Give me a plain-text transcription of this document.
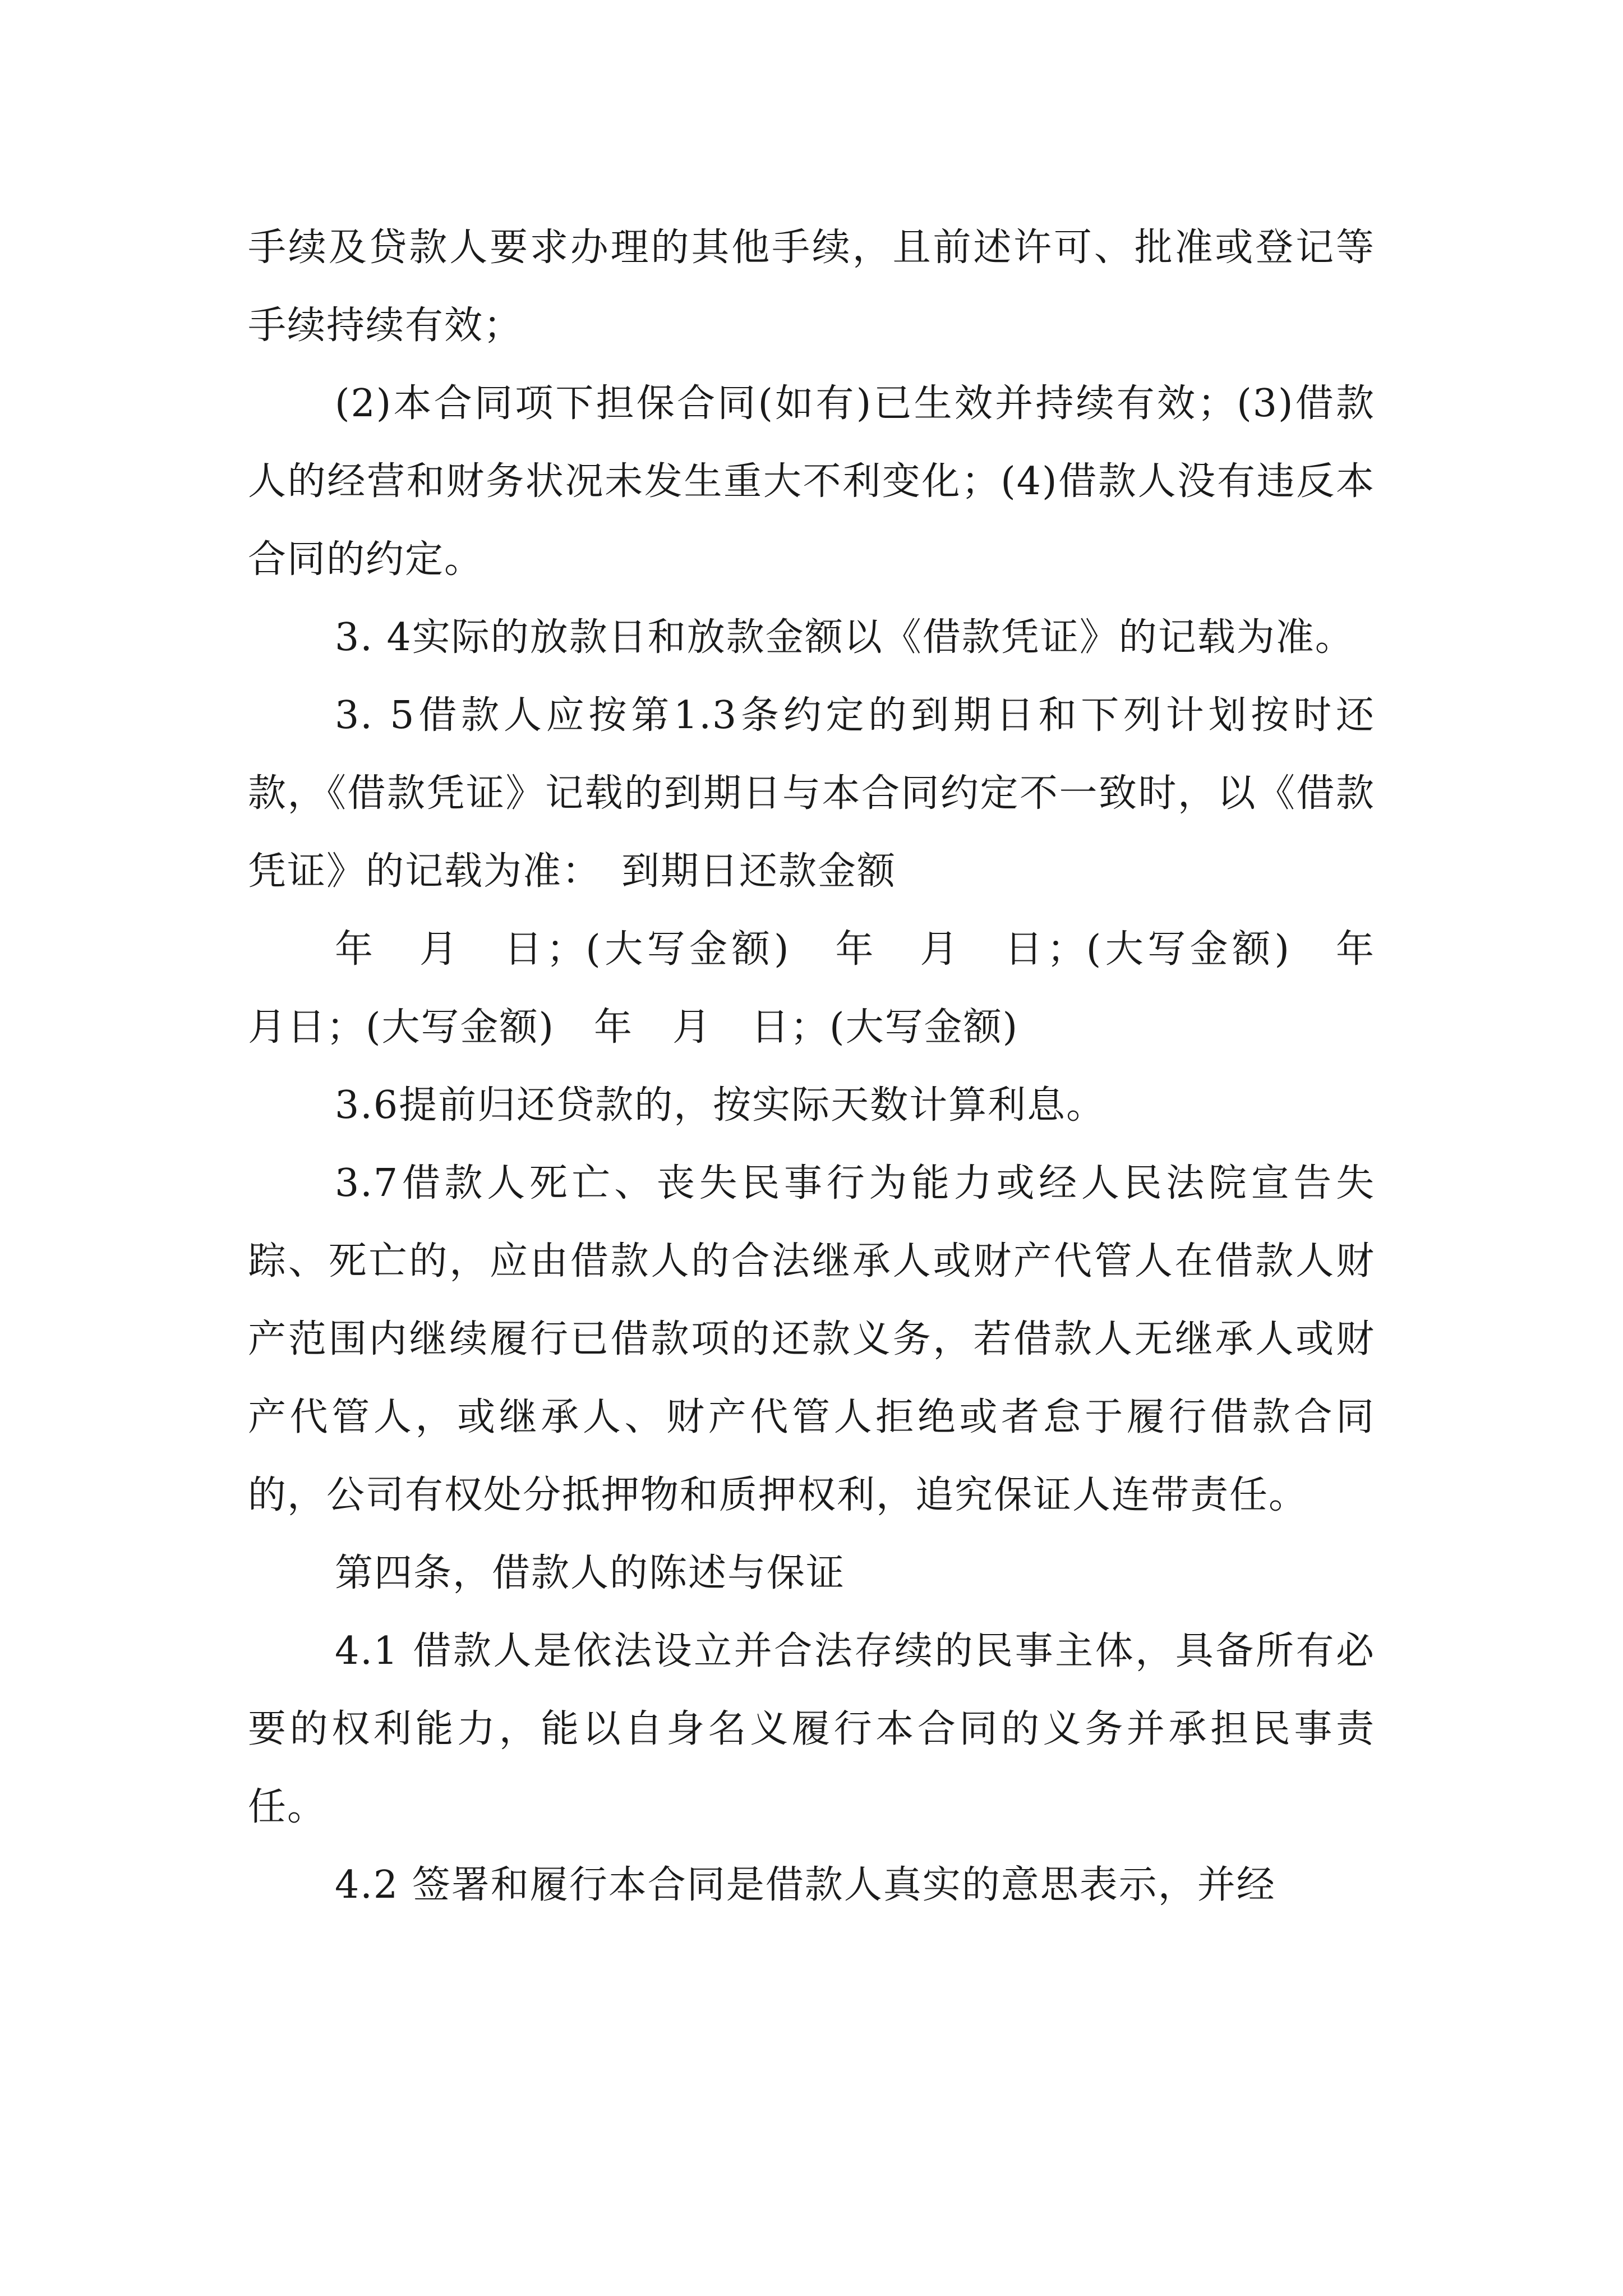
手续及贷款人要求办理的其他手续，且前述许可、批准或登记等手续持续有效；

(2)本合同项下担保合同(如有)已生效并持续有效；(3)借款人的经营和财务状况未发生重大不利变化；(4)借款人没有违反本合同的约定。

3. 4实际的放款日和放款金额以《借款凭证》的记载为准。

3. 5借款人应按第1.3条约定的到期日和下列计划按时还款，《借款凭证》记载的到期日与本合同约定不一致时，以《借款凭证》的记载为准：　到期日还款金额

年　月　日；(大写金额)　年　月　日；(大写金额)　年　月日；(大写金额)　年　月　日；(大写金额)

3.6提前归还贷款的，按实际天数计算利息。

3.7借款人死亡、丧失民事行为能力或经人民法院宣告失踪、死亡的，应由借款人的合法继承人或财产代管人在借款人财产范围内继续履行已借款项的还款义务，若借款人无继承人或财产代管人，或继承人、财产代管人拒绝或者怠于履行借款合同的，公司有权处分抵押物和质押权利，追究保证人连带责任。

第四条，借款人的陈述与保证

4.1 借款人是依法设立并合法存续的民事主体，具备所有必要的权利能力，能以自身名义履行本合同的义务并承担民事责任。

4.2 签署和履行本合同是借款人真实的意思表示，并经
